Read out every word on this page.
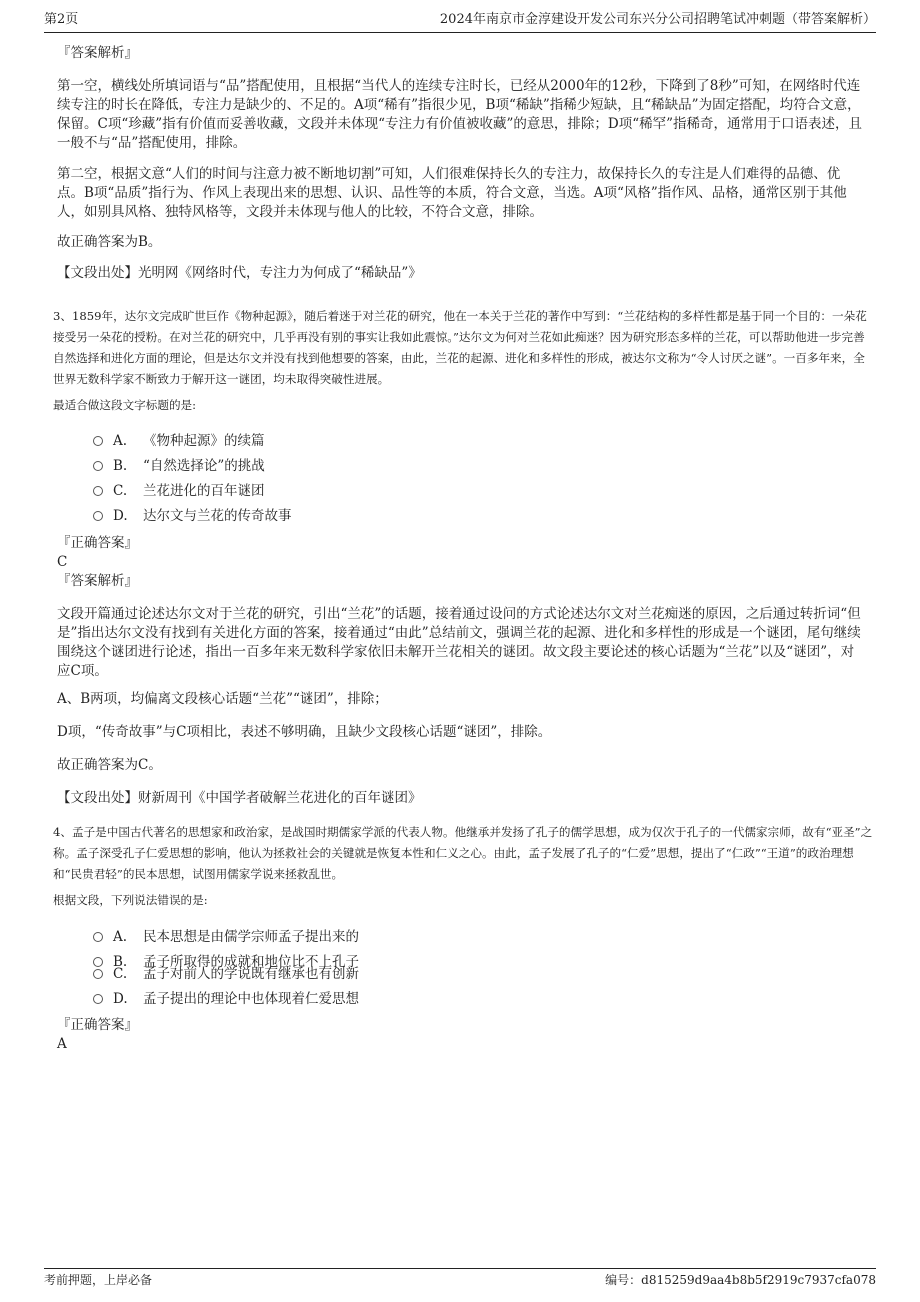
第2页	2024年南京市金淳建设开发公司东兴分公司招聘笔试冲刺题（带答案解析）

『答案解析』

第一空，横线处所填词语与“品”搭配使用，且根据“当代人的连续专注时长，已经从2000年的12秒，下降到了8秒”可知，在网络时代连续专注的时长在降低，专注力是缺少的、不足的。A项“稀有”指很少见，B项“稀缺”指稀少短缺，且“稀缺品”为固定搭配，均符合文意，保留。C项“珍藏”指有价值而妥善收藏，文段并未体现“专注力有价值被收藏”的意思，排除；D项“稀罕”指稀奇，通常用于口语表述，且一般不与“品”搭配使用，排除。

第二空，根据文意“人们的时间与注意力被不断地切割”可知，人们很难保持长久的专注力，故保持长久的专注是人们难得的品德、优点。B项“品质”指行为、作风上表现出来的思想、认识、品性等的本质，符合文意，当选。A项“风格”指作风、品格，通常区别于其他人，如别具风格、独特风格等，文段并未体现与他人的比较，不符合文意，排除。

故正确答案为B。

【文段出处】光明网《网络时代，专注力为何成了“稀缺品”》

3、1859年，达尔文完成旷世巨作《物种起源》，随后着迷于对兰花的研究，他在一本关于兰花的著作中写到：“兰花结构的多样性都是基于同一个目的：一朵花接受另一朵花的授粉。在对兰花的研究中，几乎再没有别的事实让我如此震惊。”达尔文为何对兰花如此痴迷？因为研究形态多样的兰花，可以帮助他进一步完善自然选择和进化方面的理论，但是达尔文并没有找到他想要的答案，由此，兰花的起源、进化和多样性的形成，被达尔文称为“令人讨厌之谜”。一百多年来，全世界无数科学家不断致力于解开这一谜团，均未取得突破性进展。

最适合做这段文字标题的是:

A. 《物种起源》的续篇
B. “自然选择论”的挑战
C. 兰花进化的百年谜团
D. 达尔文与兰花的传奇故事

『正确答案』

C

『答案解析』

文段开篇通过论述达尔文对于兰花的研究，引出“兰花”的话题，接着通过设问的方式论述达尔文对兰花痴迷的原因，之后通过转折词“但是”指出达尔文没有找到有关进化方面的答案，接着通过“由此”总结前文，强调兰花的起源、进化和多样性的形成是一个谜团，尾句继续围绕这个谜团进行论述，指出一百多年来无数科学家依旧未解开兰花相关的谜团。故文段主要论述的核心话题为“兰花”以及“谜团”，对应C项。

A、B两项，均偏离文段核心话题“兰花”“谜团”，排除；

D项，“传奇故事”与C项相比，表述不够明确，且缺少文段核心话题“谜团”，排除。

故正确答案为C。

【文段出处】财新周刊《中国学者破解兰花进化的百年谜团》

4、孟子是中国古代著名的思想家和政治家，是战国时期儒家学派的代表人物。他继承并发扬了孔子的儒学思想，成为仅次于孔子的一代儒家宗师，故有“亚圣”之称。孟子深受孔子仁爱思想的影响，他认为拯救社会的关键就是恢复本性和仁义之心。由此，孟子发展了孔子的“仁爱”思想，提出了“仁政”“王道”的政治理想和“民贵君轻”的民本思想，试图用儒家学说来拯救乱世。

根据文段，下列说法错误的是:

A. 民本思想是由儒学宗师孟子提出来的
B. 孟子所取得的成就和地位比不上孔子
C. 孟子对前人的学说既有继承也有创新
D. 孟子提出的理论中也体现着仁爱思想

『正确答案』

A

考前押题，上岸必备	编号：d815259d9aa4b8b5f2919c7937cfa078
